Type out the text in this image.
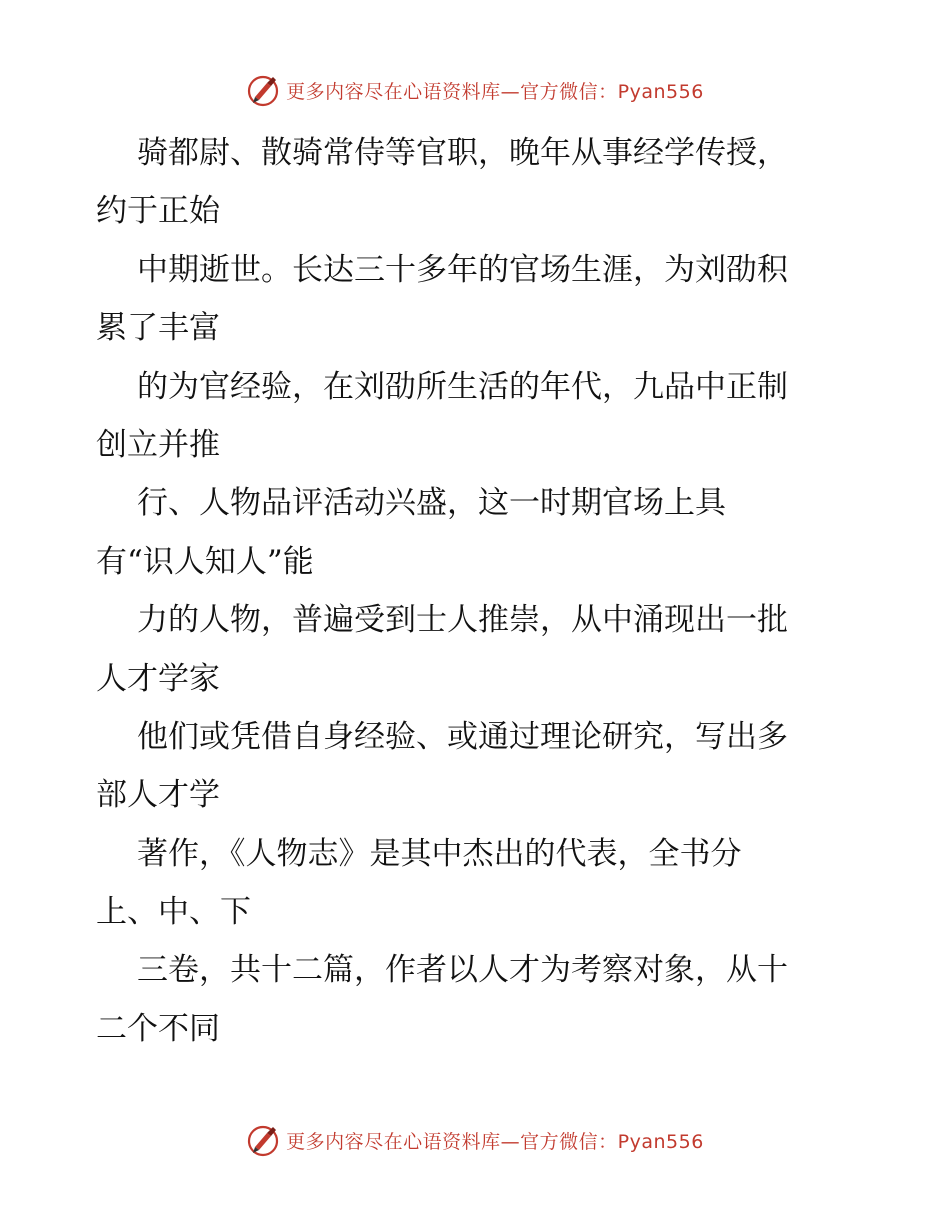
更多内容尽在心语资料库—官方微信：Pyan556
骑都尉、散骑常侍等官职，晚年从事经学传授，
约于正始
中期逝世。长达三十多年的官场生涯，为刘劭积
累了丰富
的为官经验，在刘劭所生活的年代，九品中正制
创立并推
行、人物品评活动兴盛，这一时期官场上具
有“识人知人”能
力的人物，普遍受到士人推崇，从中涌现出一批
人才学家
他们或凭借自身经验、或通过理论研究，写出多
部人才学
著作，《人物志》是其中杰出的代表，全书分
上、中、下
三卷，共十二篇，作者以人才为考察对象，从十
二个不同
更多内容尽在心语资料库—官方微信：Pyan556
